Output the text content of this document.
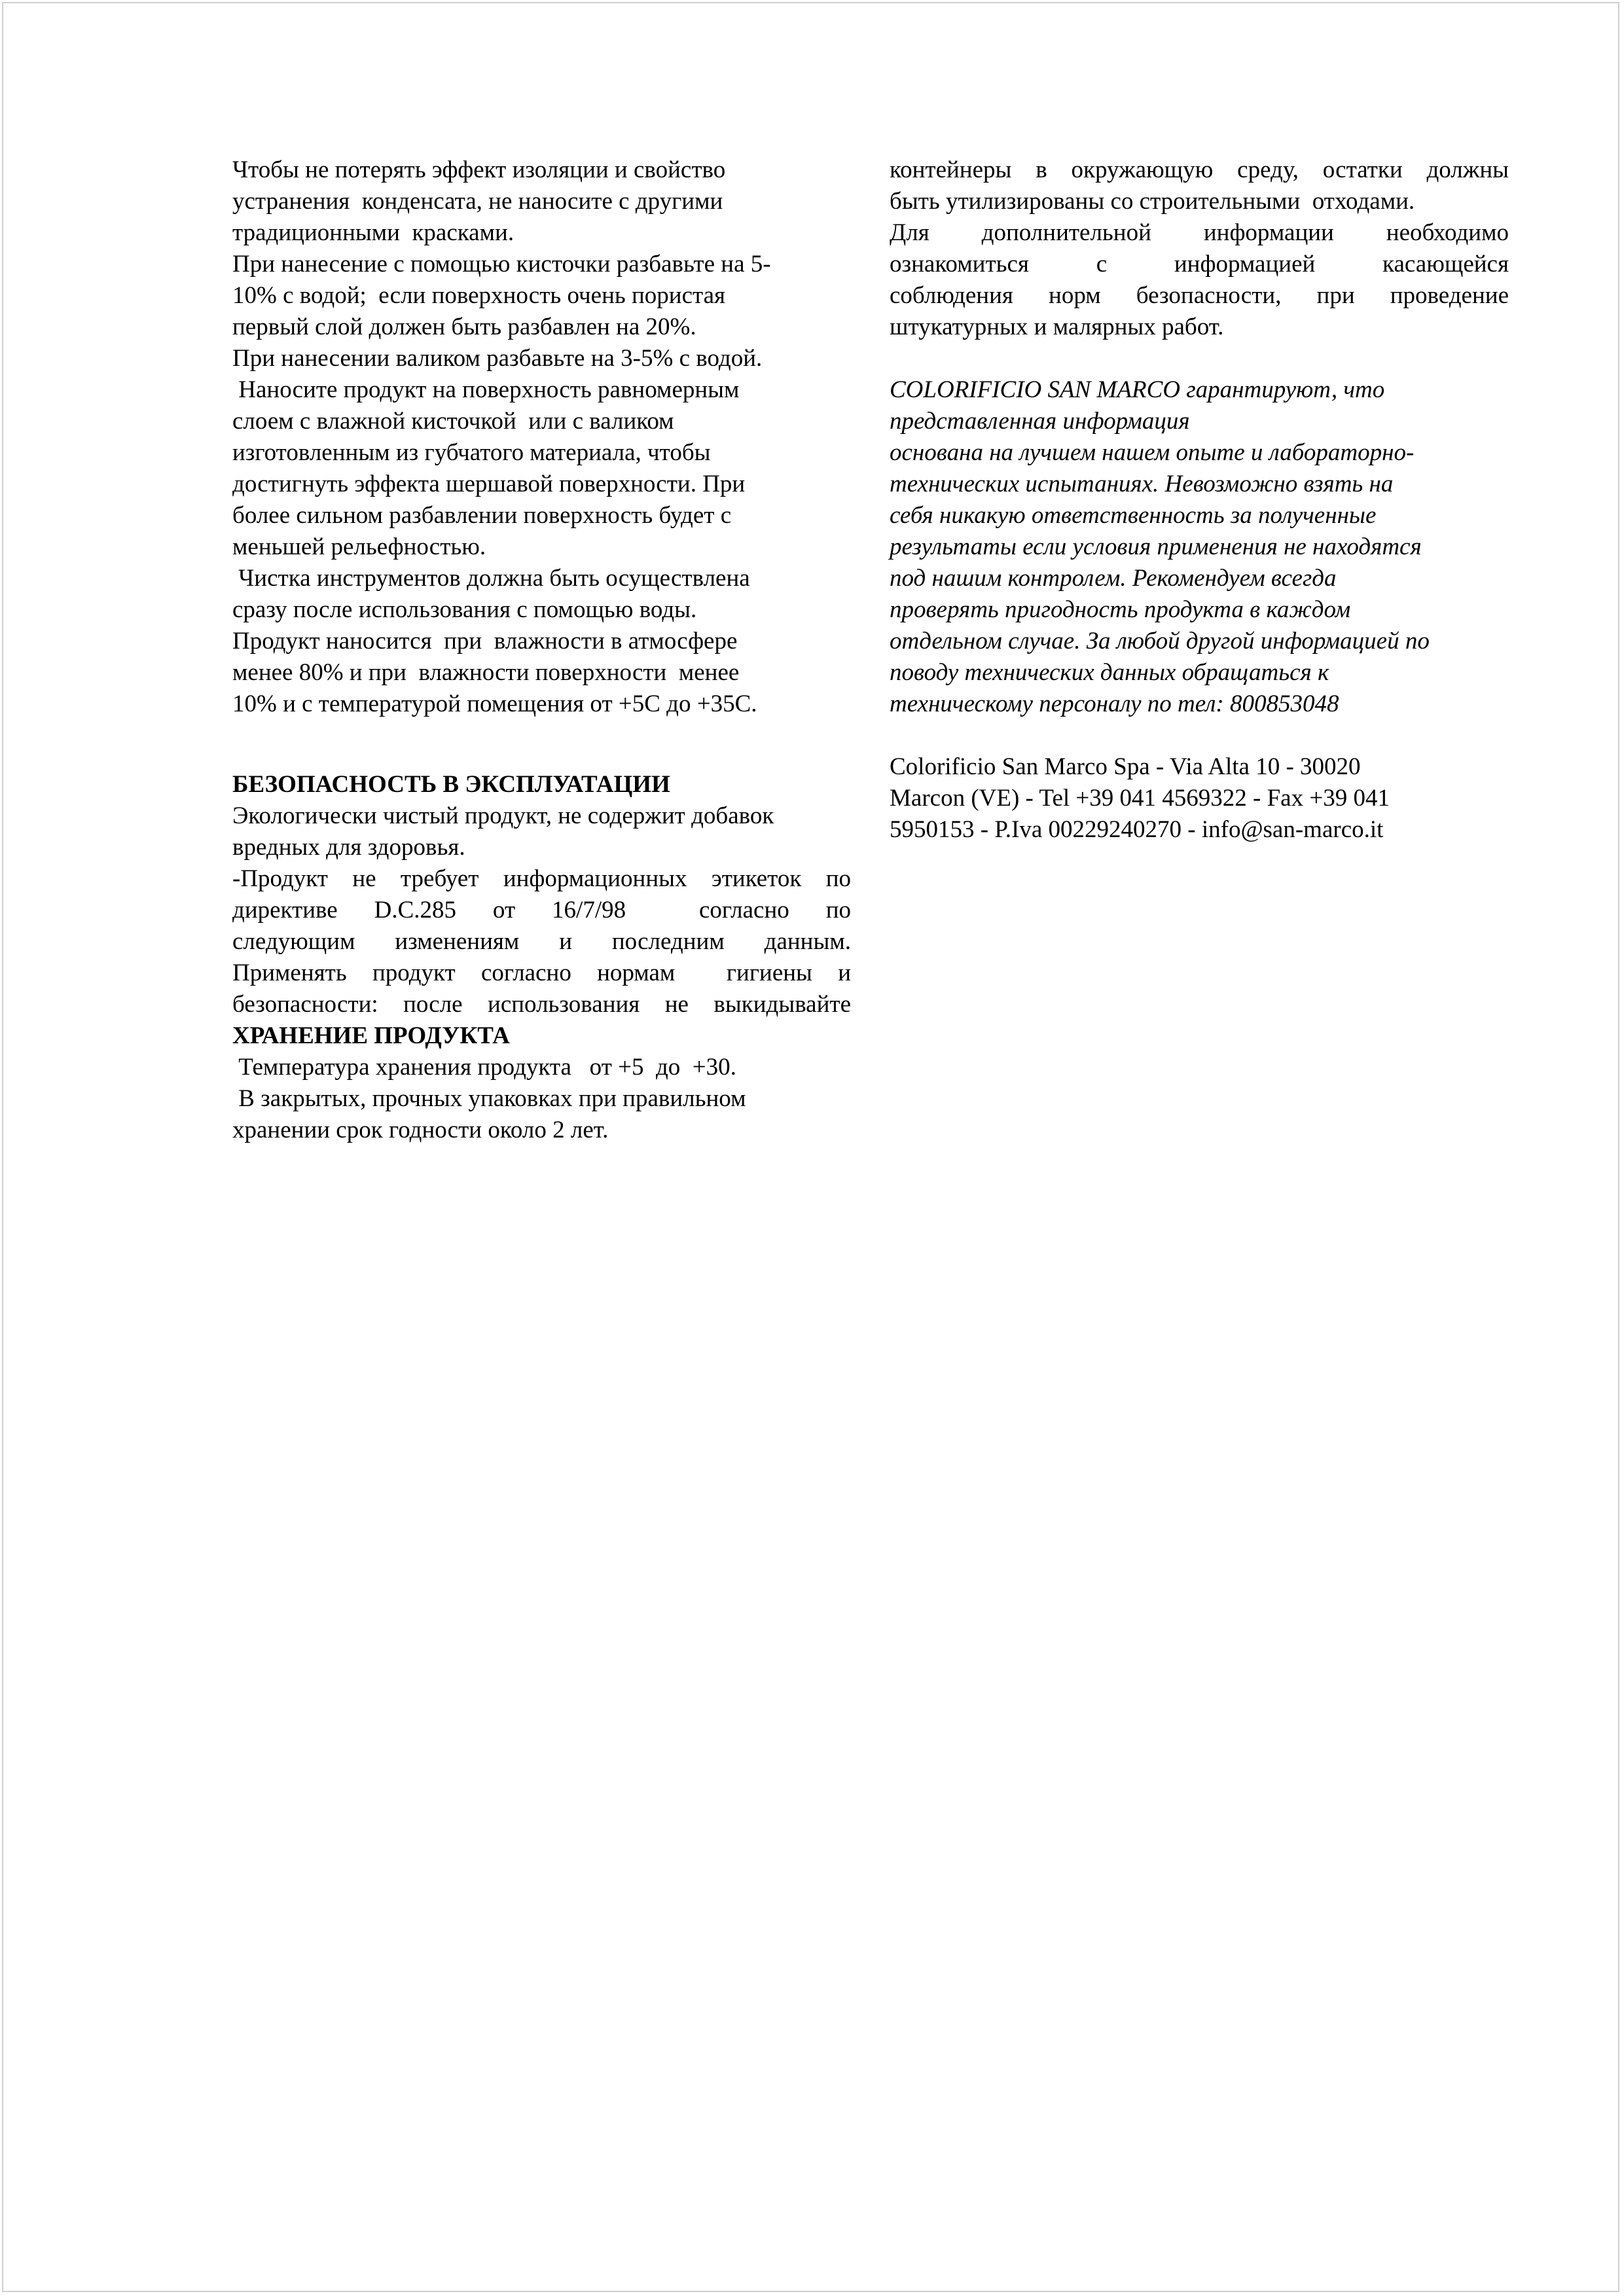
Чтобы не потерять эффект изоляции и свойство
устранения  конденсата, не наносите с другими
традиционными  красками.
При нанесение с помощью кисточки разбавьте на 5-
10% с водой;  если поверхность очень пористая
первый слой должен быть разбавлен на 20%.
При нанесении валиком разбавьте на 3-5% с водой.
Наносите продукт на поверхность равномерным
слоем с влажной кисточкой  или с валиком
изготовленным из губчатого материала, чтобы
достигнуть эффекта шершавой поверхности. При
более сильном разбавлении поверхность будет с
меньшей рельефностью.
Чистка инструментов должна быть осуществлена
сразу после использования с помощью воды.
Продукт наносится  при  влажности в атмосфере
менее 80% и при  влажности поверхности  менее
10% и с температурой помещения от +5С до +35С.
БЕЗОПАСНОСТЬ В ЭКСПЛУАТАЦИИ
Экологически чистый продукт, не содержит добавок
вредных для здоровья.
-Продукт не требует информационных этикеток по
директиве D.C.285 от 16/7/98  согласно по
следующим изменениям и последним данным.
Применять продукт согласно нормам  гигиены и
безопасности: после использования не выкидывайте
ХРАНЕНИЕ ПРОДУКТА
Температура хранения продукта   от +5  до  +30.
В закрытых, прочных упаковках при правильном
хранении срок годности около 2 лет.
контейнеры в окружающую среду, остатки должны
быть утилизированы со строительными  отходами.
Для дополнительной информации необходимо
ознакомиться с информацией касающейся
соблюдения норм безопасности, при проведение
штукатурных и малярных работ.
COLORIFICIO SAN MARCO гарантируют, что
представленная информация
основана на лучшем нашем опыте и лабораторно-
технических испытаниях. Невозможно взять на
себя никакую ответственность за полученные
результаты если условия применения не находятся
под нашим контролем. Рекомендуем всегда
проверять пригодность продукта в каждом
отдельном случае. За любой другой информацией по
поводу технических данных обращаться к
техническому персоналу по тел: 800853048
Colorificio San Marco Spa - Via Alta 10 - 30020
Marcon (VE) - Tel +39 041 4569322 - Fax +39 041
5950153 - P.Iva 00229240270 - info@san-marco.it
